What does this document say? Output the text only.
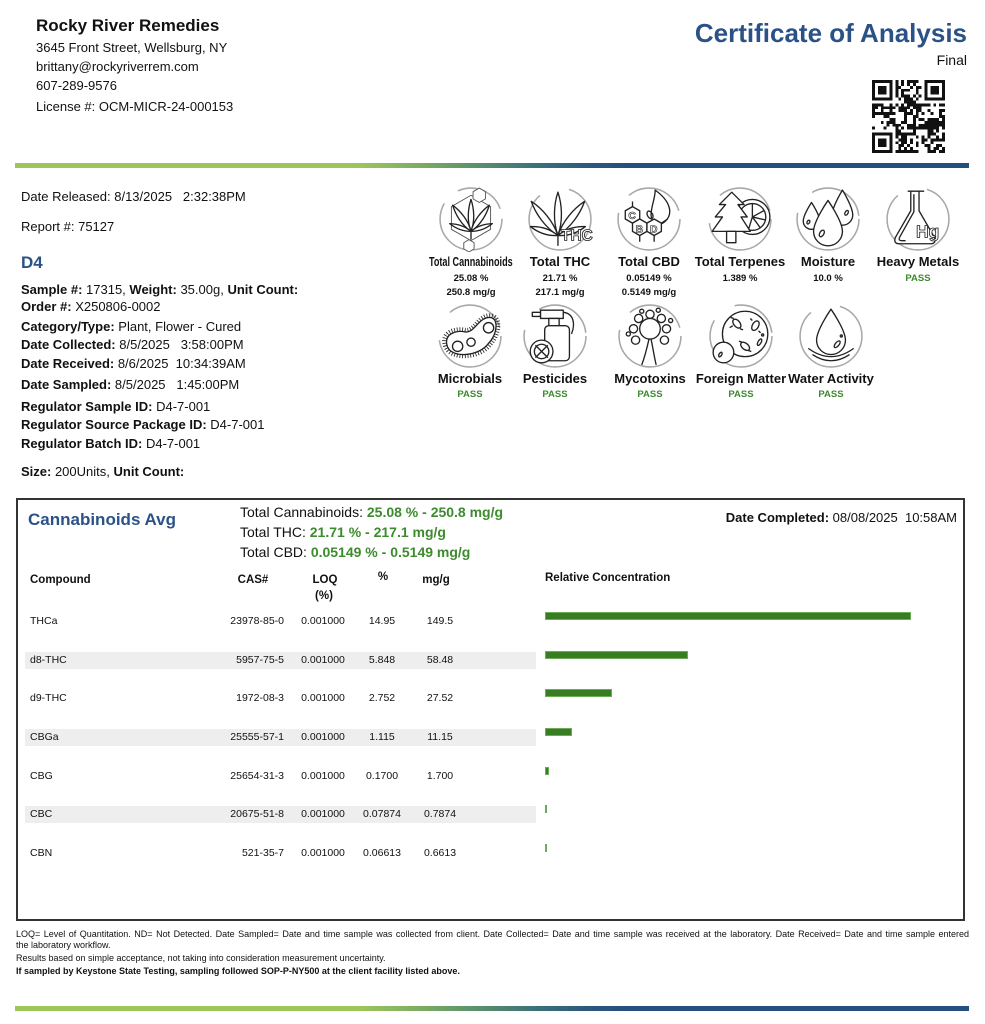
Rocky River Remedies
3645 Front Street, Wellsburg, NY
brittany@rockyriverrem.com
607-289-9576
License #: OCM-MICR-24-000153
Certificate of Analysis
Final
Date Released: 8/13/2025   2:32:38PM
Report #: 75127
D4
Sample #: 17315, Weight: 35.00g, Unit Count:
Order #: X250806-0002
Category/Type: Plant, Flower - Cured
Date Collected: 8/5/2025   3:58:00PM
Date Received: 8/6/2025  10:34:39AM
Date Sampled: 8/5/2025   1:45:00PM
Regulator Sample ID: D4-7-001
Regulator Source Package ID: D4-7-001
Regulator Batch ID: D4-7-001
Size: 200Units, Unit Count:
Total Cannabinoids
25.08 %
250.8 mg/g
THC
Total THC
21.71 %
217.1 mg/g
C
B D
Total CBD
0.05149 %
0.5149 mg/g
Total Terpenes
1.389 %
Moisture
10.0 %
Hg
Heavy Metals
PASS
Microbials
PASS
Pesticides
PASS
Mycotoxins
PASS
Foreign Matter
PASS
Water Activity
PASS
Cannabinoids Avg	Total Cannabinoids: 25.08 % - 250.8 mg/g
Total THC: 21.71 % - 217.1 mg/g
Total CBD: 0.05149 % - 0.5149 mg/g
Date Completed: 08/08/2025  10:58AM
Compound	CAS#	LOQ
(%)
%	mg/g	Relative Concentration
THCa	23978-85-0	0.001000	14.95	149.5
d8-THC	5957-75-5	0.001000	5.848	58.48
d9-THC	1972-08-3	0.001000	2.752	27.52
CBGa	25555-57-1	0.001000	1.115	11.15
CBG	25654-31-3	0.001000	0.1700	1.700
CBC	20675-51-8	0.001000	0.07874	0.7874
CBN	521-35-7	0.001000	0.06613	0.6613
LOQ= Level of Quantitation. ND= Not Detected. Date Sampled= Date and time sample was collected from client. Date Collected= Date and time sample was received at the laboratory. Date Received= Date and time sample entered
the laboratory workflow.
Results based on simple acceptance, not taking into consideration measurement uncertainty.
If sampled by Keystone State Testing, sampling followed SOP-P-NY500 at the client facility listed above.
